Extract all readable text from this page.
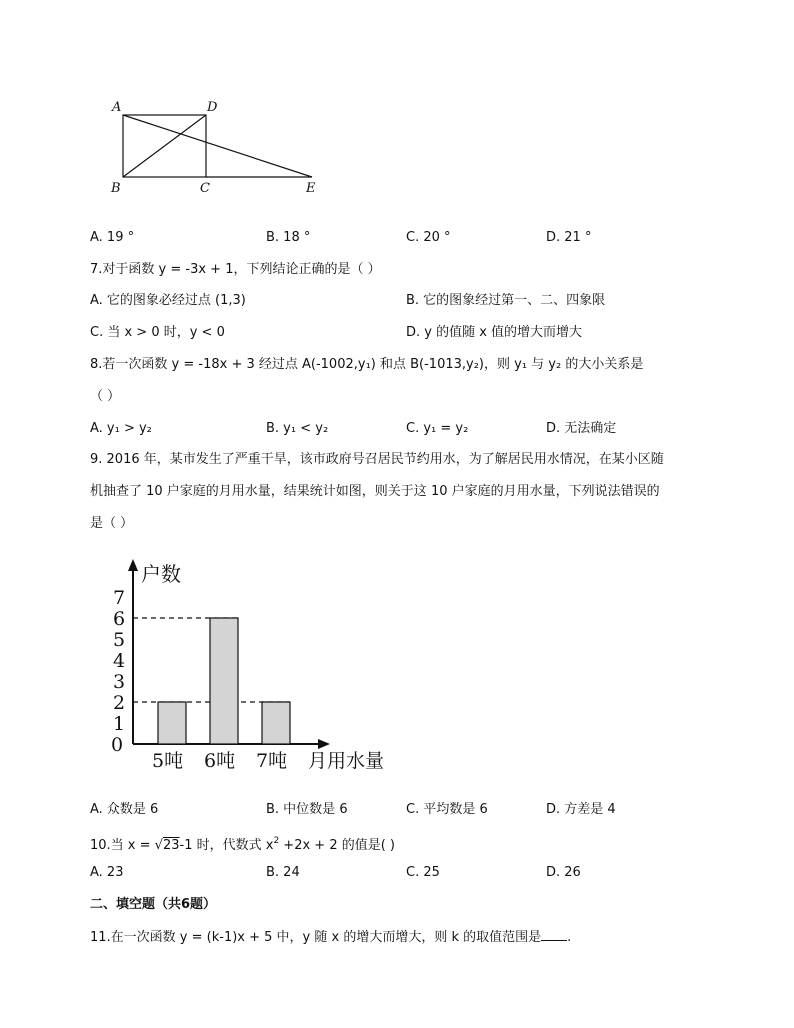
A	D
B	C	E
A. 19 °	B. 18 °	C. 20 °	D. 21 °
7.对于函数 y = -3x + 1，下列结论正确的是（ ）
A. 它的图象必经过点 (1,3)	B. 它的图象经过第一、二、四象限
C. 当 x > 0 时，y < 0	D. y 的值随 x 值的增大而增大
8.若一次函数 y = -18x + 3 经过点 A(-1002,y₁) 和点 B(-1013,y₂)，则 y₁ 与 y₂ 的大小关系是
（ ）
A. y₁ > y₂	B. y₁ < y₂	C. y₁ = y₂	D. 无法确定
9. 2016 年，某市发生了严重干旱，该市政府号召居民节约用水，为了解居民用水情况，在某小区随
机抽查了 10 户家庭的月用水量，结果统计如图，则关于这 10 户家庭的月用水量，下列说法错误的
是（ ）
户数
0
1
2
3
4
5
6
7
5吨 6吨 7吨 月用水量
A. 众数是 6	B. 中位数是 6	C. 平均数是 6	D. 方差是 4
10.当 x = √23-1 时，代数式 $x^2 +2x + 2$ 的值是( )
A. 23	B. 24	C. 25	D. 26
二、填空题（共6题）
11.在一次函数 y = (k-1)x + 5 中，y 随 x 的增大而增大，则 k 的取值范围是 .
